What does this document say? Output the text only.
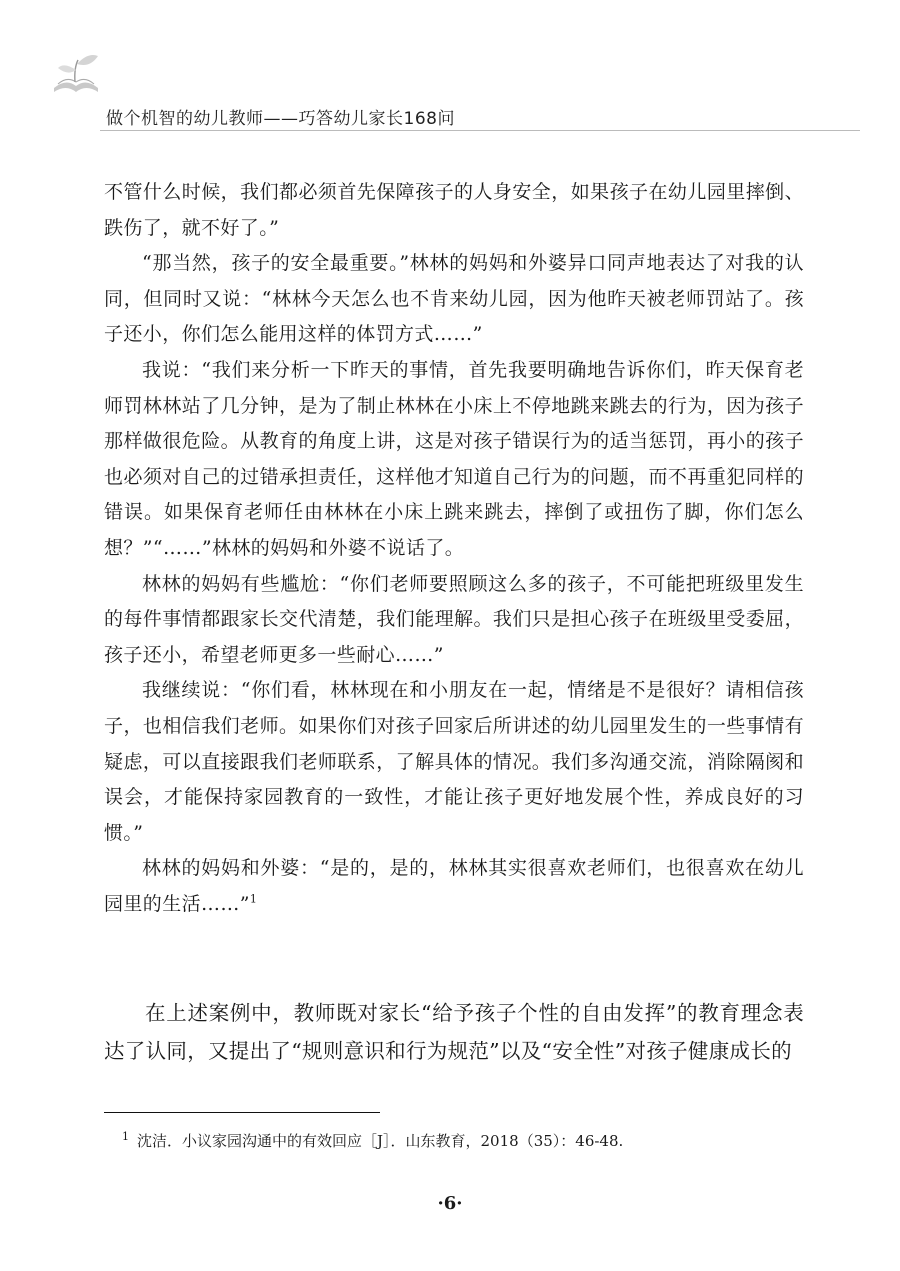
做个机智的幼儿教师——巧答幼儿家长168问

不管什么时候，我们都必须首先保障孩子的人身安全，如果孩子在幼儿园里摔倒、跌伤了，就不好了。”

“那当然，孩子的安全最重要。”林林的妈妈和外婆异口同声地表达了对我的认同，但同时又说：“林林今天怎么也不肯来幼儿园，因为他昨天被老师罚站了。孩子还小，你们怎么能用这样的体罚方式……”

我说：“我们来分析一下昨天的事情，首先我要明确地告诉你们，昨天保育老师罚林林站了几分钟，是为了制止林林在小床上不停地跳来跳去的行为，因为孩子那样做很危险。从教育的角度上讲，这是对孩子错误行为的适当惩罚，再小的孩子也必须对自己的过错承担责任，这样他才知道自己行为的问题，而不再重犯同样的错误。如果保育老师任由林林在小床上跳来跳去，摔倒了或扭伤了脚，你们怎么想？”“……”林林的妈妈和外婆不说话了。

林林的妈妈有些尴尬：“你们老师要照顾这么多的孩子，不可能把班级里发生的每件事情都跟家长交代清楚，我们能理解。我们只是担心孩子在班级里受委屈，孩子还小，希望老师更多一些耐心……”

我继续说：“你们看，林林现在和小朋友在一起，情绪是不是很好？请相信孩子，也相信我们老师。如果你们对孩子回家后所讲述的幼儿园里发生的一些事情有疑虑，可以直接跟我们老师联系，了解具体的情况。我们多沟通交流，消除隔阂和误会，才能保持家园教育的一致性，才能让孩子更好地发展个性，养成良好的习惯。”

林林的妈妈和外婆：“是的，是的，林林其实很喜欢老师们，也很喜欢在幼儿园里的生活……”$^1$

在上述案例中，教师既对家长“给予孩子个性的自由发挥”的教育理念表达了认同，又提出了“规则意识和行为规范”以及“安全性”对孩子健康成长的

$^1$ 沈洁．小议家园沟通中的有效回应［J］．山东教育，2018（35）：46-48.
·6·
